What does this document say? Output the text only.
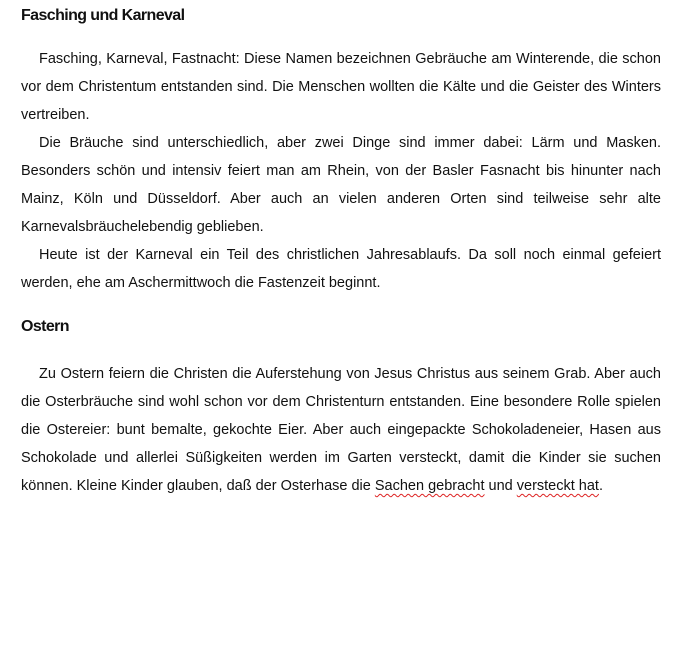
Fasching und Karneval

Fasching, Karneval, Fastnacht: Diese Namen bezeichnen Gebräuche am Winterende, die schon vor dem Christentum entstanden sind. Die Menschen wollten die Kälte und die Geister des Winters vertreiben.

Die Bräuche sind unterschiedlich, aber zwei Dinge sind immer dabei: Lärm und Masken. Besonders schön und intensiv feiert man am Rhein, von der Basler Fasnacht bis hinunter nach Mainz, Köln und Düsseldorf. Aber auch an vielen anderen Orten sind teilweise sehr alte Karnevalsbräuchelebendig geblieben.

Heute ist der Karneval ein Teil des christlichen Jahresablaufs. Da soll noch einmal gefeiert werden, ehe am Aschermittwoch die Fastenzeit beginnt.

Ostern

Zu Ostern feiern die Christen die Auferstehung von Jesus Christus aus seinem Grab. Aber auch die Osterbräuche sind wohl schon vor dem Christenturn entstanden. Eine besondere Rolle spielen die Ostereier: bunt bemalte, gekochte Eier. Aber auch eingepackte Schokoladeneier, Hasen aus Schokolade und allerlei Süßigkeiten werden im Garten versteckt, damit die Kinder sie suchen können. Kleine Kinder glauben, daß der Osterhase die Sachen gebracht und versteckt hat.
